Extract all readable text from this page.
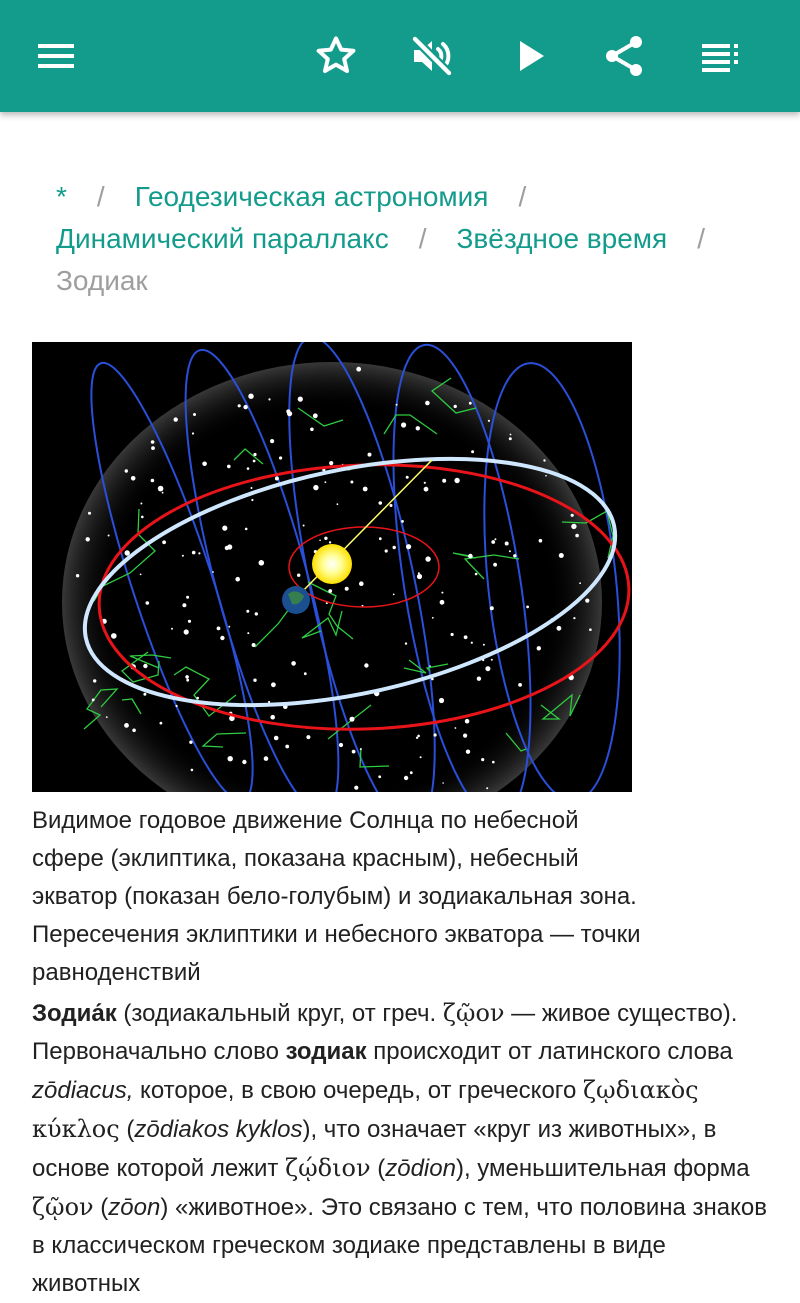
* / Геодезическая астрономия /
Динамический параллакс / Звёздное время /
Зодиак
Видимое годовое движение Солнца по небесной сфере (эклиптика, показана красным), небесный экватор (показан бело-голубым) и зодиакальная зона. Пересечения эклиптики и небесного экватора — точки равноденствий
Зодиа́к (зодиакальный круг, от греч. ζῷον — живое существо). Первоначально слово зодиак происходит от латинского слова zōdiacus, которое, в свою очередь, от греческого ζῳδιακὸς κύκλος (zōdiakos kyklos), что означает «круг из животных», в основе которой лежит ζῴδιον (zōdion), уменьшительная форма ζῷον (zōon) «животное». Это связано с тем, что половина знаков в классическом греческом зодиаке представлены в виде животных
